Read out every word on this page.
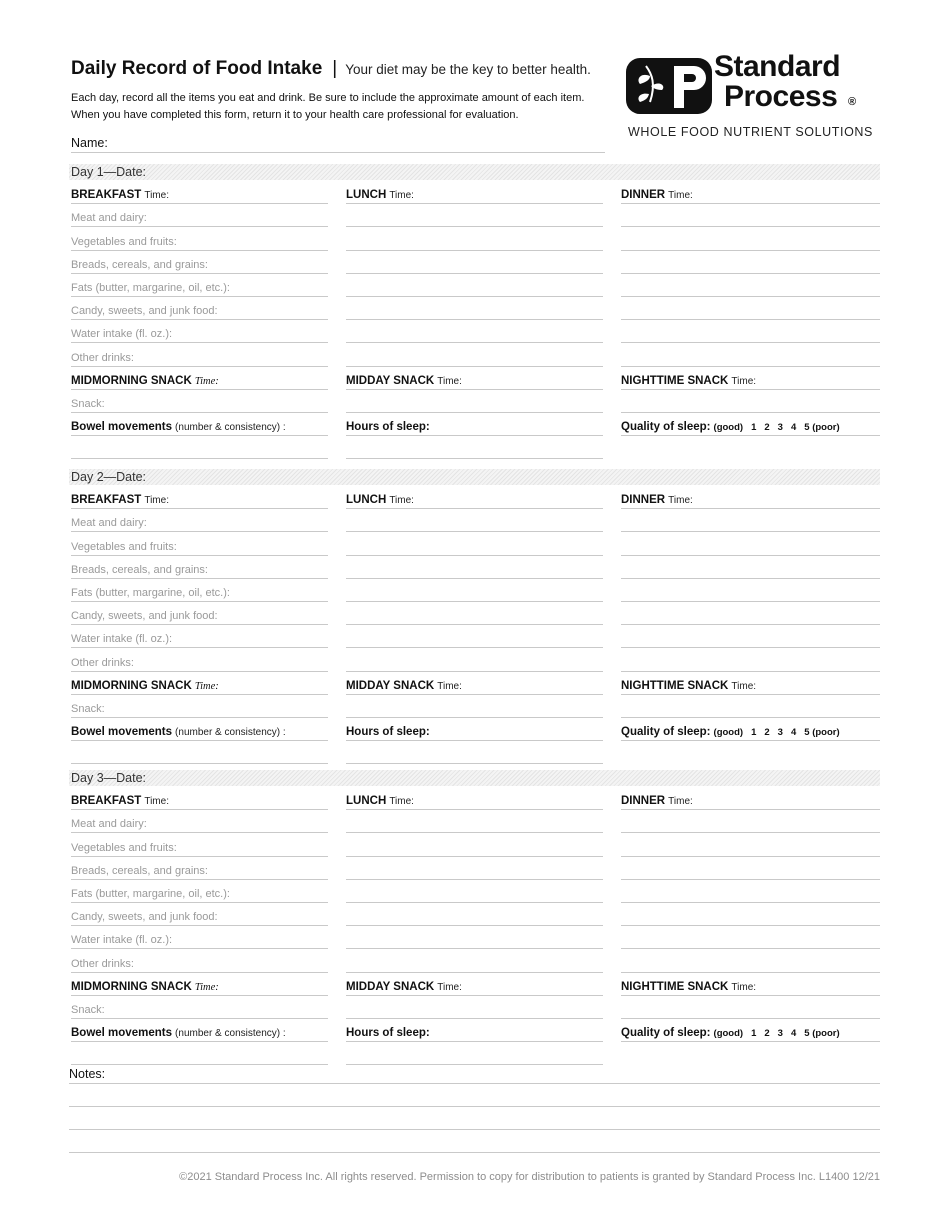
Daily Record of Food Intake | Your diet may be the key to better health.
Each day, record all the items you eat and drink. Be sure to include the approximate amount of each item.
When you have completed this form, return it to your health care professional for evaluation.
Standard
Process ®
WHOLE FOOD NUTRIENT SOLUTIONS
Name:
Day 1—Date:
BREAKFAST Time:
Meat and dairy:
Vegetables and fruits:
Breads, cereals, and grains:
Fats (butter, margarine, oil, etc.):
Candy, sweets, and junk food:
Water intake (fl. oz.):
Other drinks:
MIDMORNING SNACK Time:
Snack:
Bowel movements (number & consistency) :
LUNCH Time:
MIDDAY SNACK Time:
Hours of sleep:
DINNER Time:
NIGHTTIME SNACK Time:
Quality of sleep: (good) 1 2 3 4 5 (poor)
Day 2—Date:
BREAKFAST Time:
Meat and dairy:
Vegetables and fruits:
Breads, cereals, and grains:
Fats (butter, margarine, oil, etc.):
Candy, sweets, and junk food:
Water intake (fl. oz.):
Other drinks:
MIDMORNING SNACK Time:
Snack:
Bowel movements (number & consistency) :
LUNCH Time:
MIDDAY SNACK Time:
Hours of sleep:
DINNER Time:
NIGHTTIME SNACK Time:
Quality of sleep: (good) 1 2 3 4 5 (poor)
Day 3—Date:
BREAKFAST Time:
Meat and dairy:
Vegetables and fruits:
Breads, cereals, and grains:
Fats (butter, margarine, oil, etc.):
Candy, sweets, and junk food:
Water intake (fl. oz.):
Other drinks:
MIDMORNING SNACK Time:
Snack:
Bowel movements (number & consistency) :
LUNCH Time:
MIDDAY SNACK Time:
Hours of sleep:
DINNER Time:
NIGHTTIME SNACK Time:
Quality of sleep: (good) 1 2 3 4 5 (poor)
Notes:
©2021 Standard Process Inc. All rights reserved. Permission to copy for distribution to patients is granted by Standard Process Inc. L1400 12/21
